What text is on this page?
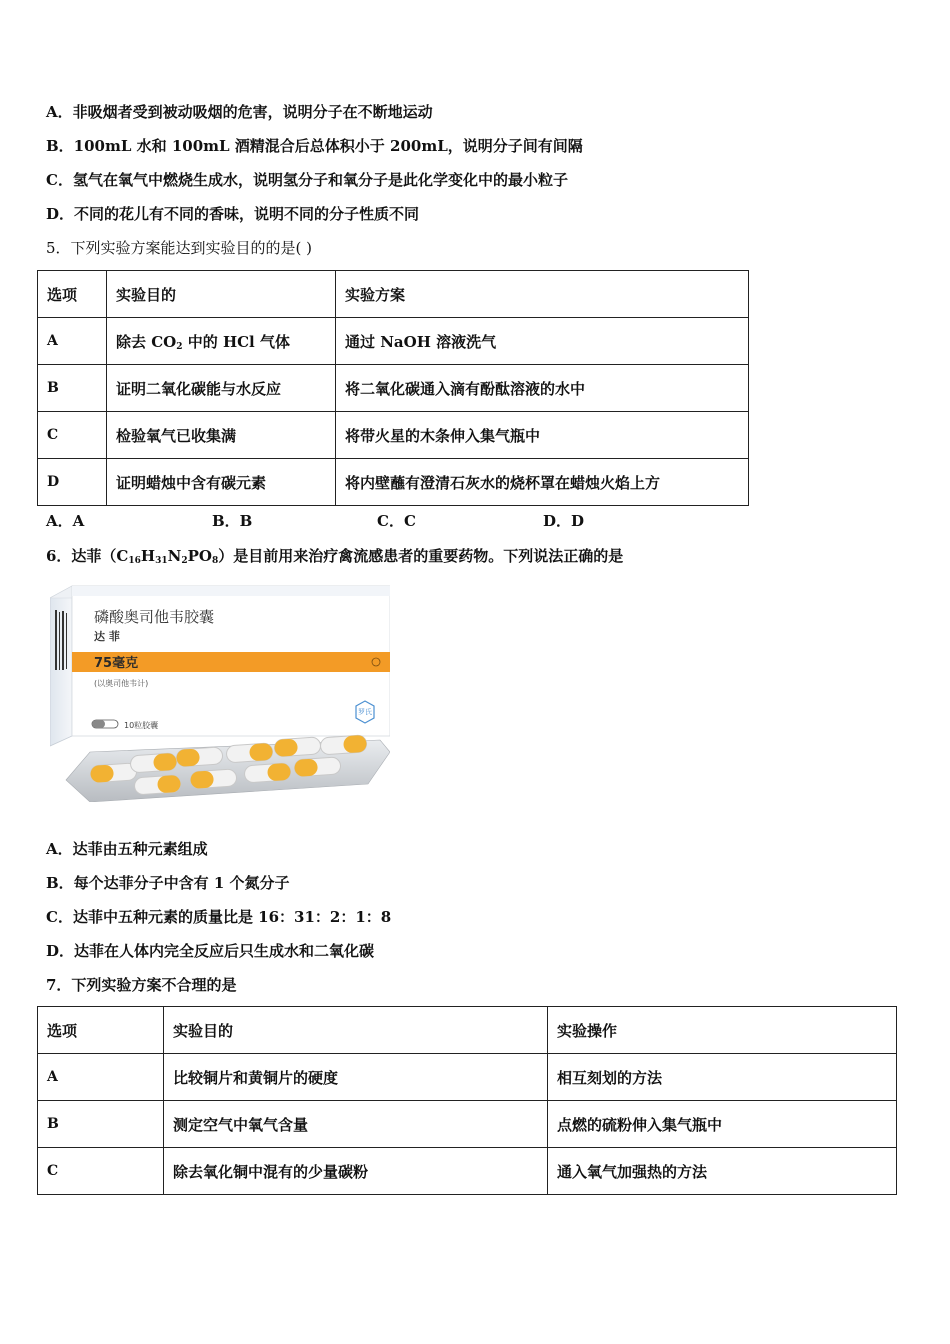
A．非吸烟者受到被动吸烟的危害，说明分子在不断地运动
B．100mL 水和 100mL 酒精混合后总体积小于 200mL，说明分子间有间隔
C．氢气在氧气中燃烧生成水，说明氢分子和氧分子是此化学变化中的最小粒子
D．不同的花儿有不同的香味，说明不同的分子性质不同
5．下列实验方案能达到实验目的的是( )
选项	实验目的	实验方案
A	除去 $CO_2$ 中的 HCl 气体	通过 NaOH 溶液洗气
B	证明二氧化碳能与水反应	将二氧化碳通入滴有酚酞溶液的水中
C	检验氧气已收集满	将带火星的木条伸入集气瓶中
D	证明蜡烛中含有碳元素	将内壁蘸有澄清石灰水的烧杯罩在蜡烛火焰上方
A．A	B．B	C．C	D．D
6．达菲$(C_{16}H_{31}N_2PO_8)$是目前用来治疗禽流感患者的重要药物。下列说法正确的是
磷酸奥司他韦胶囊
达 菲
75毫克
(以奥司他韦计)
罗氏
10粒胶囊
A．达菲由五种元素组成
B．每个达菲分子中含有 1 个氮分子
C．达菲中五种元素的质量比是 16：31：2：1：8
D．达菲在人体内完全反应后只生成水和二氧化碳
7．下列实验方案不合理的是
选项	实验目的	实验操作
A	比较铜片和黄铜片的硬度	相互刻划的方法
B	测定空气中氧气含量	点燃的硫粉伸入集气瓶中
C	除去氧化铜中混有的少量碳粉	通入氧气加强热的方法
